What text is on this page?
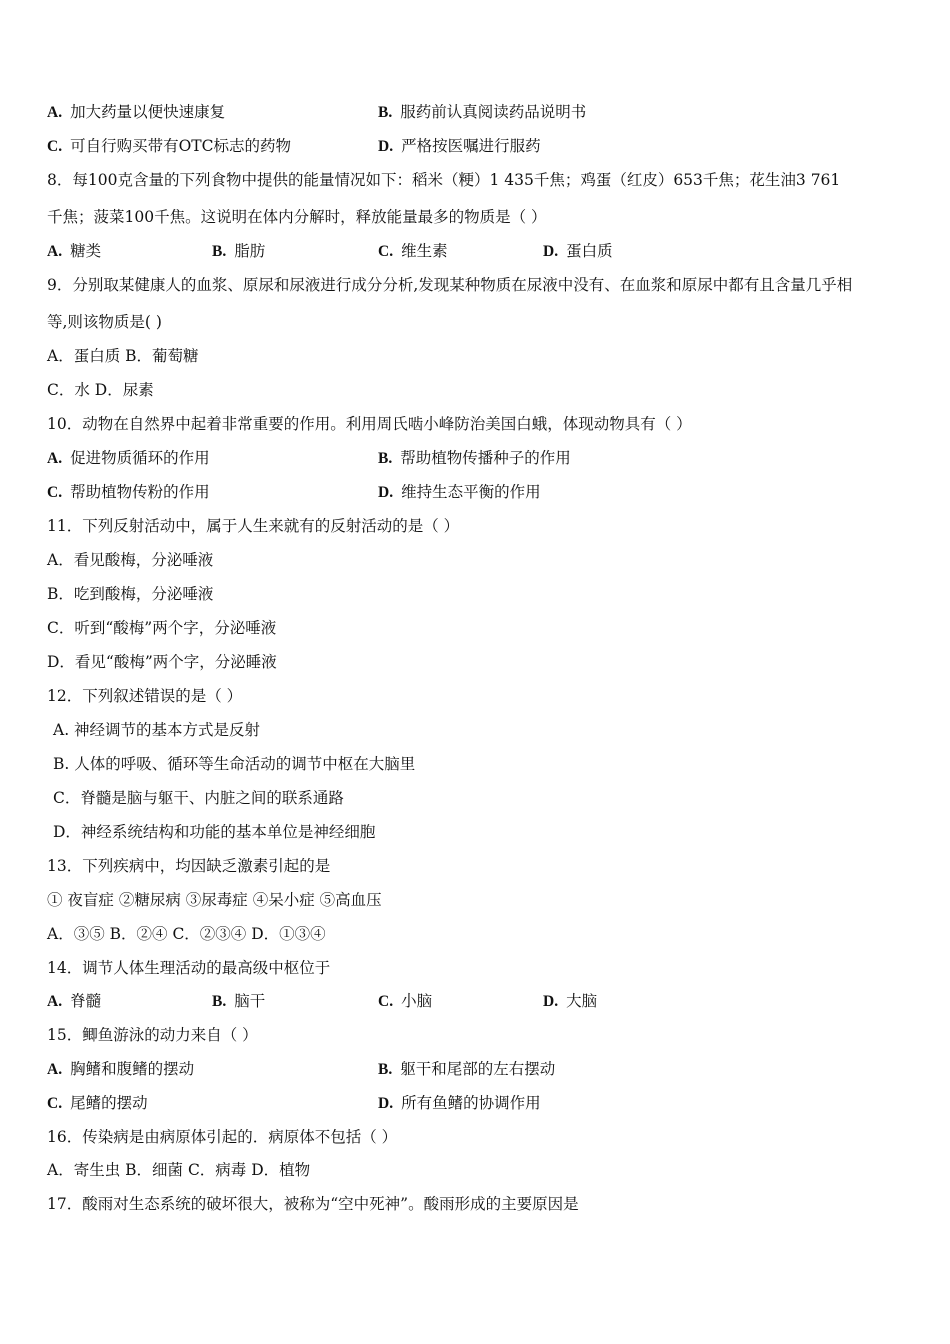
A. 加大药量以便快速康复	B. 服药前认真阅读药品说明书
C. 可自行购买带有OTC标志的药物	D. 严格按医嘱进行服药
8．每100克含量的下列食物中提供的能量情况如下：稻米（粳）1 435千焦；鸡蛋（红皮）653千焦；花生油3 761
千焦；菠菜100千焦。这说明在体内分解时，释放能量最多的物质是（ ）
A. 糖类	B. 脂肪	C. 维生素	D. 蛋白质
9．分别取某健康人的血浆、原尿和尿液进行成分分析,发现某种物质在尿液中没有、在血浆和原尿中都有且含量几乎相
等,则该物质是( )
A．蛋白质 B．葡萄糖
C．水 D．尿素
10．动物在自然界中起着非常重要的作用。利用周氏啮小峰防治美国白蛾，体现动物具有（ ）
A. 促进物质循环的作用	B. 帮助植物传播种子的作用
C. 帮助植物传粉的作用	D. 维持生态平衡的作用
11．下列反射活动中，属于人生来就有的反射活动的是（ ）
A．看见酸梅，分泌唾液
B．吃到酸梅，分泌唾液
C．听到“酸梅”两个字，分泌唾液
D．看见“酸梅”两个字，分泌睡液
12．下列叙述错误的是（ ）
A. 神经调节的基本方式是反射
B. 人体的呼吸、循环等生命活动的调节中枢在大脑里
C．脊髓是脑与躯干、内脏之间的联系通路
D．神经系统结构和功能的基本单位是神经细胞
13．下列疾病中，均因缺乏激素引起的是
① 夜盲症 ②糖尿病 ③尿毒症 ④呆小症 ⑤高血压
A．③⑤ B．②④ C．②③④ D．①③④
14．调节人体生理活动的最高级中枢位于
A. 脊髓	B. 脑干	C. 小脑	D. 大脑
15．鲫鱼游泳的动力来自（ ）
A. 胸鳍和腹鳍的摆动	B. 躯干和尾部的左右摆动
C. 尾鳍的摆动	D. 所有鱼鳍的协调作用
16．传染病是由病原体引起的．病原体不包括（ ）
A．寄生虫 B．细菌 C．病毒 D．植物
17．酸雨对生态系统的破坏很大，被称为“空中死神”。酸雨形成的主要原因是
